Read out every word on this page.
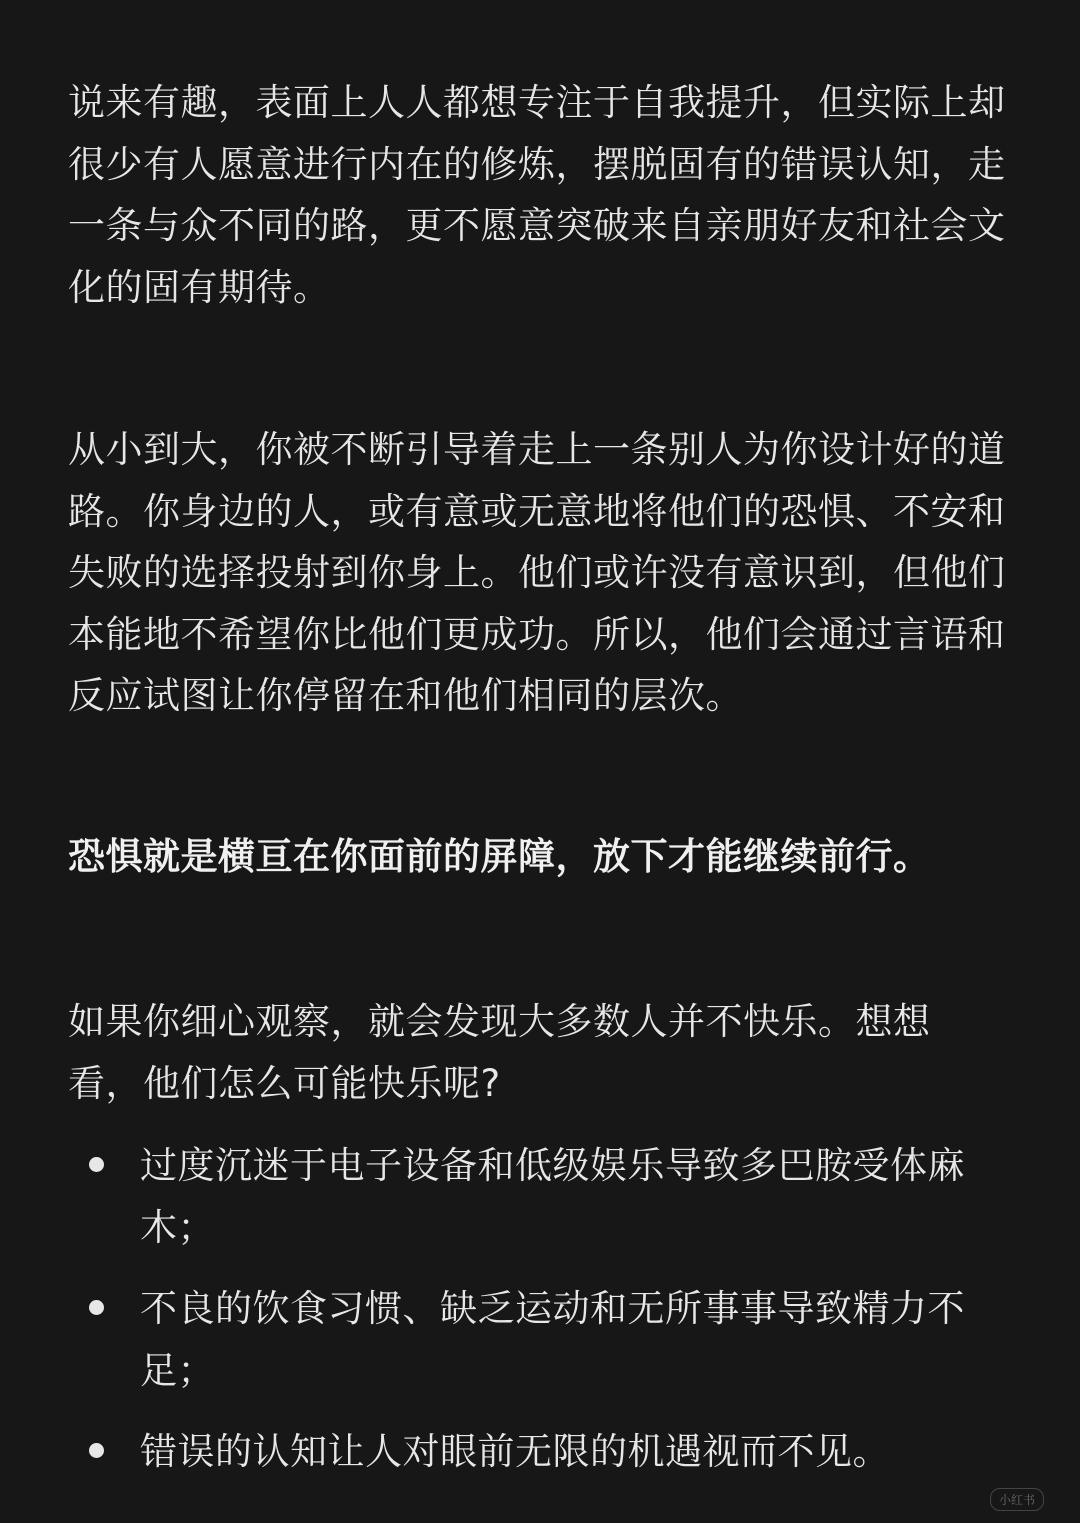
说来有趣，表面上人人都想专注于自我提升，但实际上却很少有人愿意进行内在的修炼，摆脱固有的错误认知，走一条与众不同的路，更不愿意突破来自亲朋好友和社会文化的固有期待。

从小到大，你被不断引导着走上一条别人为你设计好的道路。你身边的人，或有意或无意地将他们的恐惧、不安和失败的选择投射到你身上。他们或许没有意识到，但他们本能地不希望你比他们更成功。所以，他们会通过言语和反应试图让你停留在和他们相同的层次。

恐惧就是横亘在你面前的屏障，放下才能继续前行。

如果你细心观察，就会发现大多数人并不快乐。想想看，他们怎么可能快乐呢?

过度沉迷于电子设备和低级娱乐导致多巴胺受体麻木；
不良的饮食习惯、缺乏运动和无所事事导致精力不足；
错误的认知让人对眼前无限的机遇视而不见。
小红书
